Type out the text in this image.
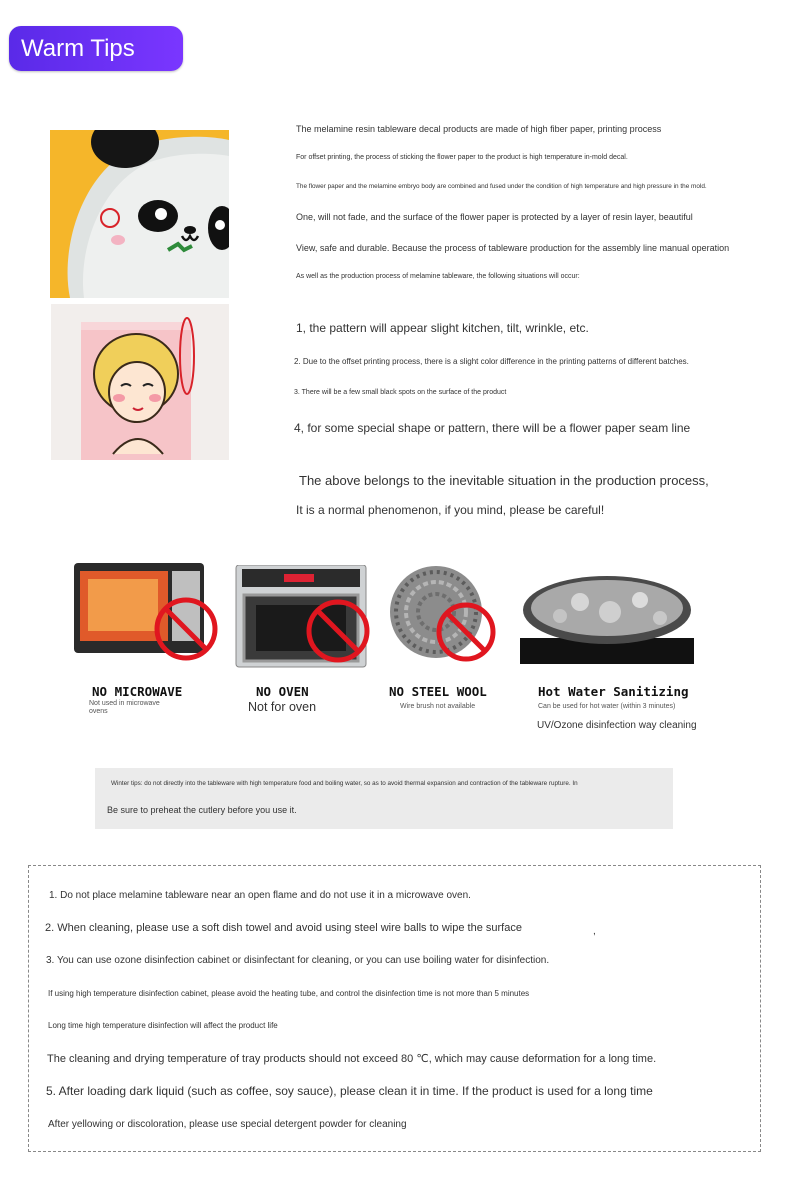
Warm Tips
The melamine resin tableware decal products are made of high fiber paper, printing process
For offset printing, the process of sticking the flower paper to the product is high temperature in-mold decal.
The flower paper and the melamine embryo body are combined and fused under the condition of high temperature and high pressure in the mold.
One, will not fade, and the surface of the flower paper is protected by a layer of resin layer, beautiful
View, safe and durable. Because the process of tableware production for the assembly line manual operation
As well as the production process of melamine tableware, the following situations will occur:
1, the pattern will appear slight kitchen, tilt, wrinkle, etc.
2. Due to the offset printing process, there is a slight color difference in the printing patterns of different batches.
3. There will be a few small black spots on the surface of the product
4, for some special shape or pattern, there will be a flower paper seam line
The above belongs to the inevitable situation in the production process,
It is a normal phenomenon, if you mind, please be careful!
NO MICROWAVE
Not used in microwave ovens
NO OVEN
Not for oven
NO STEEL WOOL
Wire brush not available
Hot Water Sanitizing
Can be used for hot water (within 3 minutes)
UV/Ozone disinfection way cleaning
Winter tips: do not directly into the tableware with high temperature food and boiling water, so as to avoid thermal expansion and contraction of the tableware rupture. In
Be sure to preheat the cutlery before you use it.
1. Do not place melamine tableware near an open flame and do not use it in a microwave oven.
2. When cleaning, please use a soft dish towel and avoid using steel wire balls to wipe the surface	,
3. You can use ozone disinfection cabinet or disinfectant for cleaning, or you can use boiling water for disinfection.
If using high temperature disinfection cabinet, please avoid the heating tube, and control the disinfection time is not more than 5 minutes
Long time high temperature disinfection will affect the product life
The cleaning and drying temperature of tray products should not exceed 80 ℃, which may cause deformation for a long time.
5. After loading dark liquid (such as coffee, soy sauce), please clean it in time. If the product is used for a long time
After yellowing or discoloration, please use special detergent powder for cleaning
